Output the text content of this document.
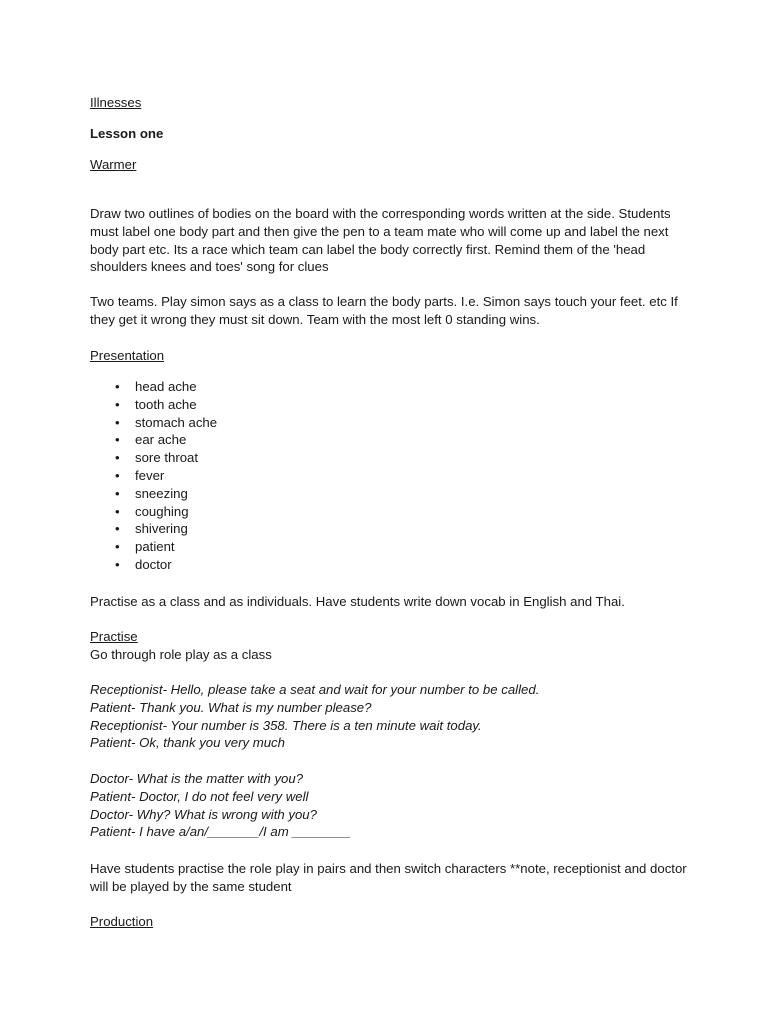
Illnesses
Lesson one
Warmer

Draw two outlines of bodies on the board with the corresponding words written at the side. Students must label one body part and then give the pen to a team mate who will come up and label the next body part etc. Its a race which team can label the body correctly first. Remind them of the 'head shoulders knees and toes' song for clues

Two teams. Play simon says as a class to learn the body parts. I.e. Simon says touch your feet. etc If they get it wrong they must sit down. Team with the most left 0 standing wins.

Presentation
• head ache
• tooth ache
• stomach ache
• ear ache
• sore throat
• fever
• sneezing
• coughing
• shivering
• patient
• doctor

Practise as a class and as individuals. Have students write down vocab in English and Thai.

Practise
Go through role play as a class
Receptionist- Hello, please take a seat and wait for your number to be called.
Patient- Thank you. What is my number please?
Receptionist- Your number is 358. There is a ten minute wait today.
Patient- Ok, thank you very much
Doctor- What is the matter with you?
Patient- Doctor, I do not feel very well
Doctor- Why? What is wrong with you?
Patient- I have a/an/_______/I am ________

Have students practise the role play in pairs and then switch characters **note, receptionist and doctor will be played by the same student

Production
